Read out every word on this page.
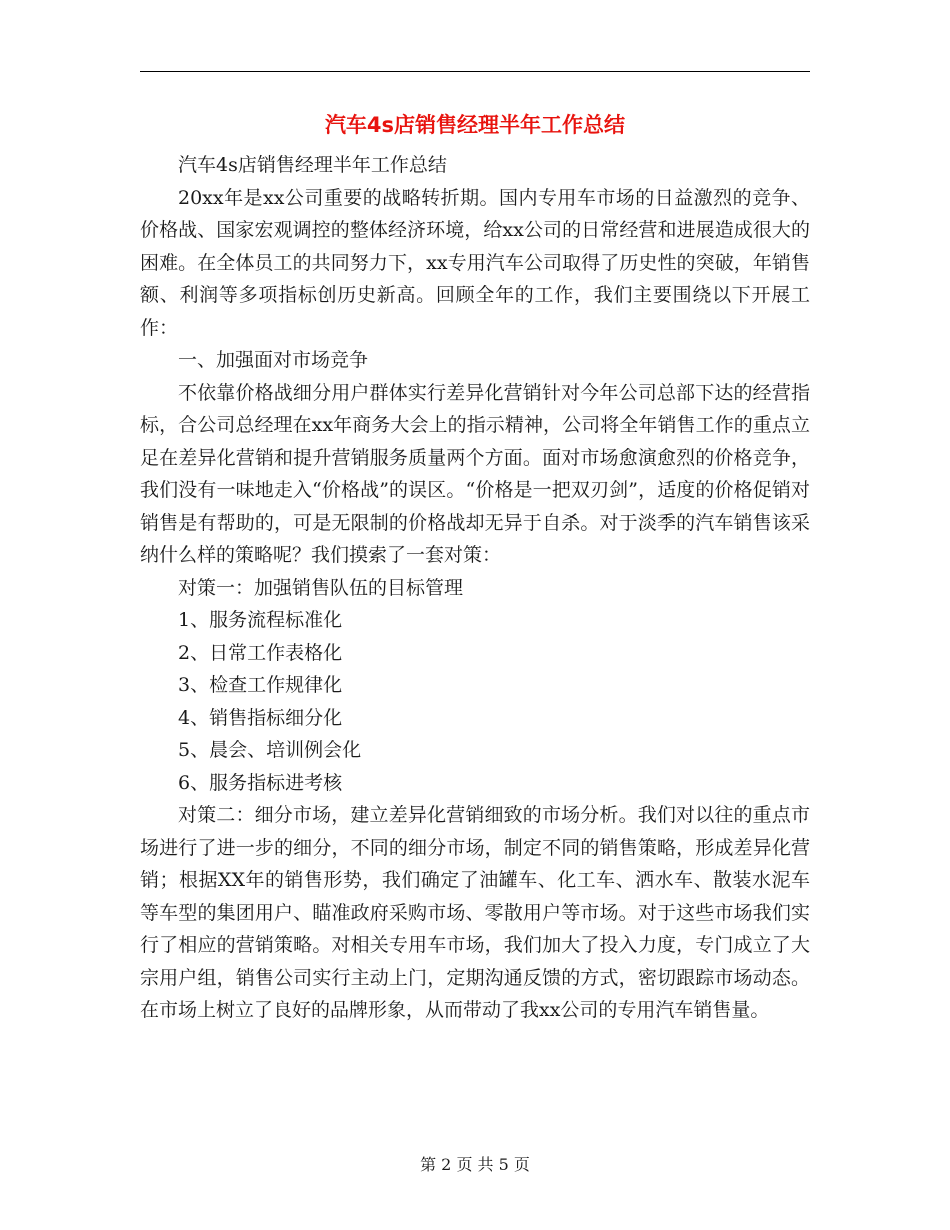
汽车4s店销售经理半年工作总结

汽车4s店销售经理半年工作总结

20xx年是xx公司重要的战略转折期。国内专用车市场的日益激烈的竞争、价格战、国家宏观调控的整体经济环境，给xx公司的日常经营和进展造成很大的困难。在全体员工的共同努力下，xx专用汽车公司取得了历史性的突破，年销售额、利润等多项指标创历史新高。回顾全年的工作，我们主要围绕以下开展工作：

一、加强面对市场竞争

不依靠价格战细分用户群体实行差异化营销针对今年公司总部下达的经营指标，合公司总经理在xx年商务大会上的指示精神，公司将全年销售工作的重点立足在差异化营销和提升营销服务质量两个方面。面对市场愈演愈烈的价格竞争，我们没有一味地走入“价格战”的误区。“价格是一把双刃剑”，适度的价格促销对销售是有帮助的，可是无限制的价格战却无异于自杀。对于淡季的汽车销售该采纳什么样的策略呢？我们摸索了一套对策：

对策一：加强销售队伍的目标管理

1、服务流程标准化

2、日常工作表格化

3、检查工作规律化

4、销售指标细分化

5、晨会、培训例会化

6、服务指标进考核

对策二：细分市场，建立差异化营销细致的市场分析。我们对以往的重点市场进行了进一步的细分，不同的细分市场，制定不同的销售策略，形成差异化营销；根据XX年的销售形势，我们确定了油罐车、化工车、洒水车、散装水泥车等车型的集团用户、瞄准政府采购市场、零散用户等市场。对于这些市场我们实行了相应的营销策略。对相关专用车市场，我们加大了投入力度，专门成立了大宗用户组，销售公司实行主动上门，定期沟通反馈的方式，密切跟踪市场动态。在市场上树立了良好的品牌形象，从而带动了我xx公司的专用汽车销售量。

第 2 页 共 5 页
